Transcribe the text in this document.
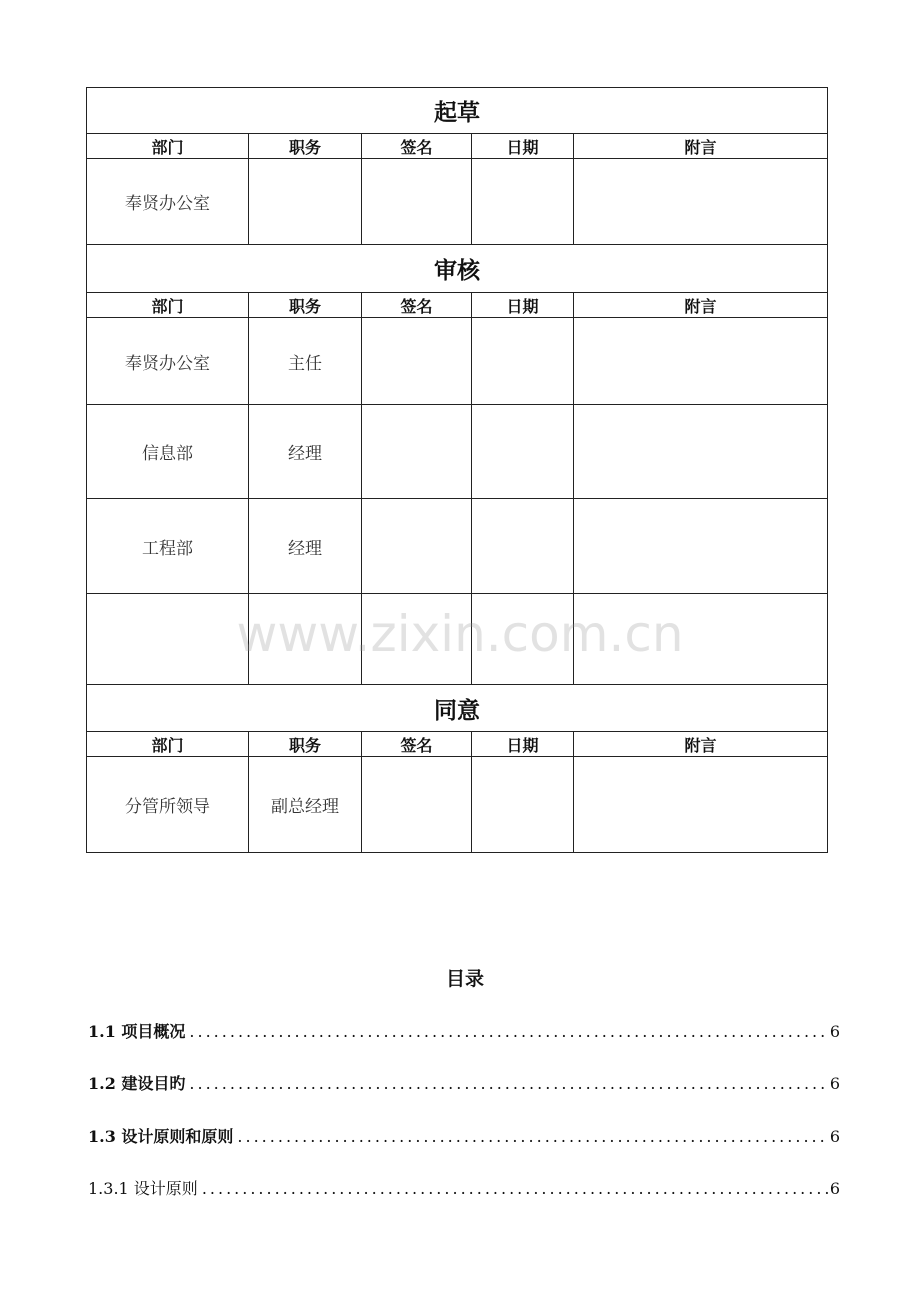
起草				
部门	职务	签名	日期	附言
奉贤办公室				
审核				
部门	职务	签名	日期	附言
奉贤办公室	主任			
信息部	经理			
工程部	经理			

同意				
部门	职务	签名	日期	附言
分管所领导	副总经理			
www.zixin.com.cn
目录
1.1 项目概况 .....	6
1.2 建设目旳 .....	6
1.3 设计原则和原则 .....	6
1.3.1 设计原则 .....	6
